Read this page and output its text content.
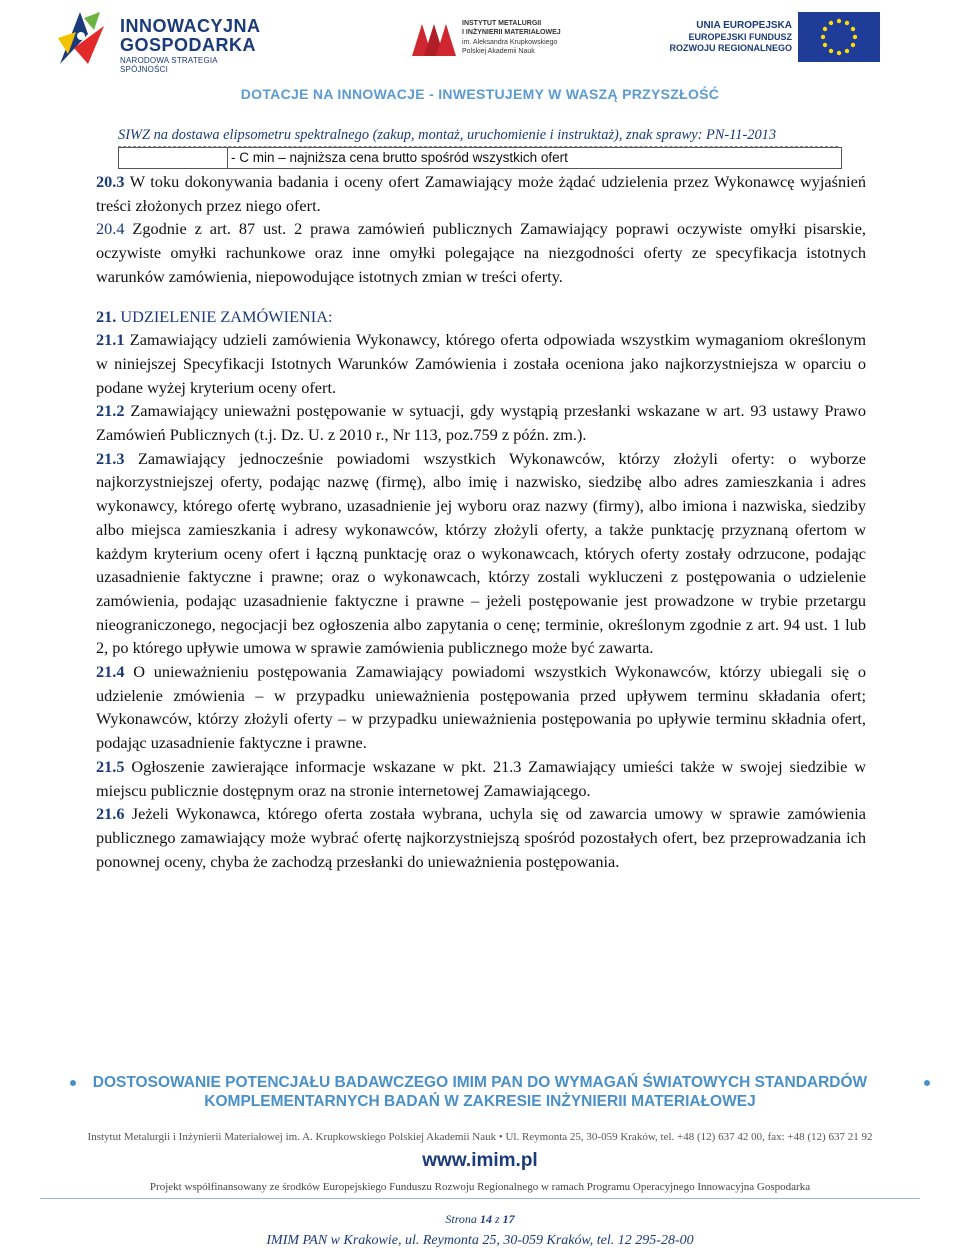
INNOWACYJNA
GOSPODARKA
NARODOWA STRATEGIA SPÓJNOŚCI
INSTYTUT METALURGII
I INŻYNIERII MATERIAŁOWEJ
im. Aleksandra Krupkowskiego
Polskiej Akademii Nauk
UNIA EUROPEJSKA
EUROPEJSKI FUNDUSZ
ROZWOJU REGIONALNEGO
DOTACJE NA INNOWACJE - INWESTUJEMY W WASZĄ PRZYSZŁOŚĆ
SIWZ na dostawa elipsometru spektralnego (zakup, montaż, uruchomienie i instruktaż), znak sprawy: PN-11-2013
- C min – najniższa cena brutto spośród wszystkich ofert

20.3 W toku dokonywania badania i oceny ofert Zamawiający może żądać udzielenia przez Wykonawcę wyjaśnień treści złożonych przez niego ofert.

20.4 Zgodnie z art. 87 ust. 2 prawa zamówień publicznych Zamawiający poprawi oczywiste omyłki pisarskie, oczywiste omyłki rachunkowe oraz inne omyłki polegające na niezgodności oferty ze specyfikacja istotnych warunków zamówienia, niepowodujące istotnych zmian w treści oferty.

21. UDZIELENIE ZAMÓWIENIA:

21.1 Zamawiający udzieli zamówienia Wykonawcy, którego oferta odpowiada wszystkim wymaganiom określonym w niniejszej Specyfikacji Istotnych Warunków Zamówienia i została oceniona jako najkorzystniejsza w oparciu o podane wyżej kryterium oceny ofert.

21.2 Zamawiający unieważni postępowanie w sytuacji, gdy wystąpią przesłanki wskazane w art. 93 ustawy Prawo Zamówień Publicznych (t.j. Dz. U. z 2010 r., Nr 113, poz.759 z późn. zm.).

21.3 Zamawiający jednocześnie powiadomi wszystkich Wykonawców, którzy złożyli oferty: o wyborze najkorzystniejszej oferty, podając nazwę (firmę), albo imię i nazwisko, siedzibę albo adres zamieszkania i adres wykonawcy, którego ofertę wybrano, uzasadnienie jej wyboru oraz nazwy (firmy), albo imiona i nazwiska, siedziby albo miejsca zamieszkania i adresy wykonawców, którzy złożyli oferty, a także punktację przyznaną ofertom w każdym kryterium oceny ofert i łączną punktację oraz o wykonawcach, których oferty zostały odrzucone, podając uzasadnienie faktyczne i prawne; oraz o wykonawcach, którzy zostali wykluczeni z postępowania o udzielenie zamówienia, podając uzasadnienie faktyczne i prawne – jeżeli postępowanie jest prowadzone w trybie przetargu nieograniczonego, negocjacji bez ogłoszenia albo zapytania o cenę; terminie, określonym zgodnie z art. 94 ust. 1 lub 2, po którego upływie umowa w sprawie zamówienia publicznego może być zawarta.

21.4 O unieważnieniu postępowania Zamawiający powiadomi wszystkich Wykonawców, którzy ubiegali się o udzielenie zmówienia – w przypadku unieważnienia postępowania przed upływem terminu składania ofert; Wykonawców, którzy złożyli oferty – w przypadku unieważnienia postępowania po upływie terminu składnia ofert, podając uzasadnienie faktyczne i prawne.

21.5 Ogłoszenie zawierające informacje wskazane w pkt. 21.3 Zamawiający umieści także w swojej siedzibie w miejscu publicznie dostępnym oraz na stronie internetowej Zamawiającego.

21.6 Jeżeli Wykonawca, którego oferta została wybrana, uchyla się od zawarcia umowy w sprawie zamówienia publicznego zamawiający może wybrać ofertę najkorzystniejszą spośród pozostałych ofert, bez przeprowadzania ich ponownej oceny, chyba że zachodzą przesłanki do unieważnienia postępowania.

DOSTOSOWANIE POTENCJAŁU BADAWCZEGO IMIM PAN DO WYMAGAŃ ŚWIATOWYCH STANDARDÓW
KOMPLEMENTARNYCH BADAŃ W ZAKRESIE INŻYNIERII MATERIAŁOWEJ
Instytut Metalurgii i Inżynierii Materiałowej im. A. Krupkowskiego Polskiej Akademii Nauk • Ul. Reymonta 25, 30-059 Kraków, tel. +48 (12) 637 42 00, fax: +48 (12) 637 21 92
www.imim.pl
Projekt współfinansowany ze środków Europejskiego Funduszu Rozwoju Regionalnego w ramach Programu Operacyjnego Innowacyjna Gospodarka
Strona 14 z 17
IMIM PAN w Krakowie, ul. Reymonta 25, 30-059 Kraków, tel. 12 295-28-00
